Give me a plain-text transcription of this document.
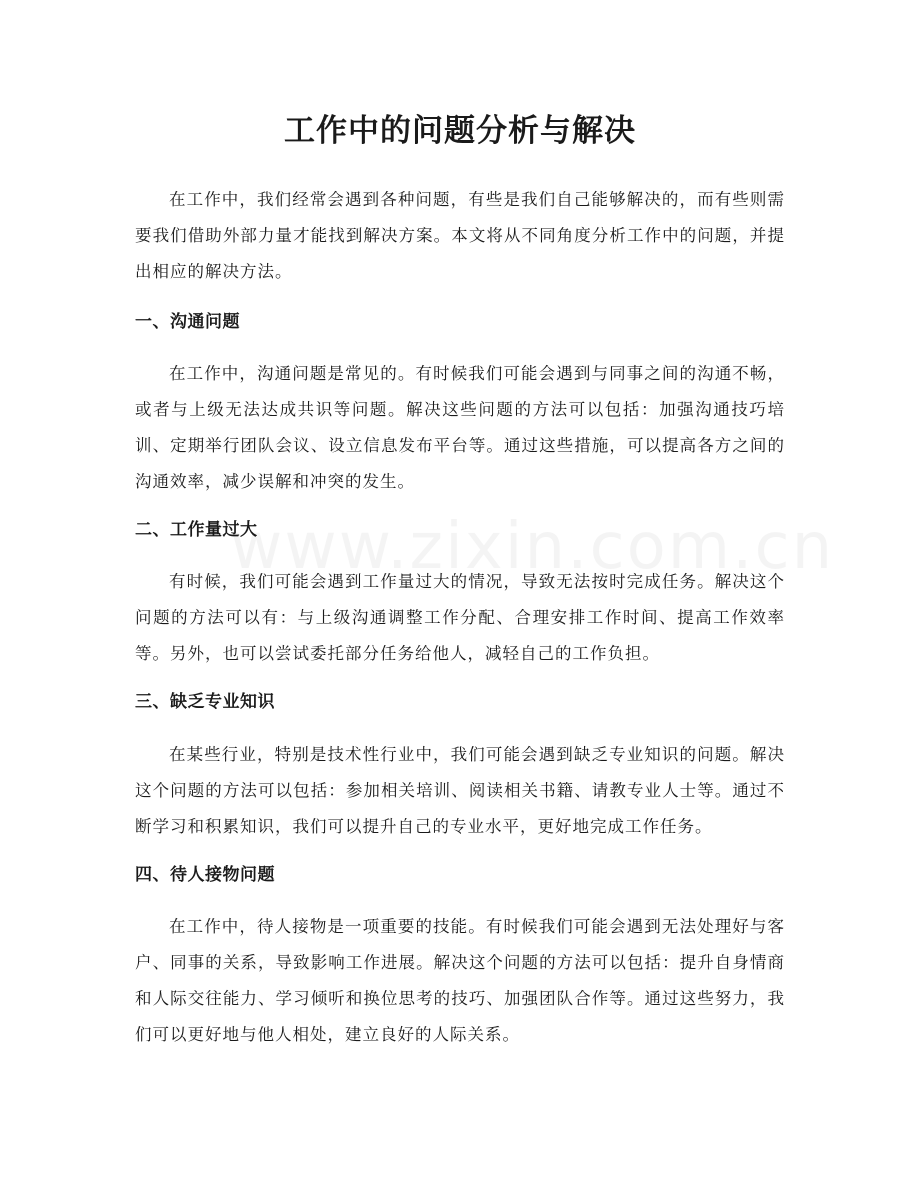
工作中的问题分析与解决

在工作中，我们经常会遇到各种问题，有些是我们自己能够解决的，而有些则需要我们借助外部力量才能找到解决方案。本文将从不同角度分析工作中的问题，并提出相应的解决方法。

一、沟通问题

在工作中，沟通问题是常见的。有时候我们可能会遇到与同事之间的沟通不畅，或者与上级无法达成共识等问题。解决这些问题的方法可以包括：加强沟通技巧培训、定期举行团队会议、设立信息发布平台等。通过这些措施，可以提高各方之间的沟通效率，减少误解和冲突的发生。

二、工作量过大

有时候，我们可能会遇到工作量过大的情况，导致无法按时完成任务。解决这个问题的方法可以有：与上级沟通调整工作分配、合理安排工作时间、提高工作效率等。另外，也可以尝试委托部分任务给他人，减轻自己的工作负担。

三、缺乏专业知识

在某些行业，特别是技术性行业中，我们可能会遇到缺乏专业知识的问题。解决这个问题的方法可以包括：参加相关培训、阅读相关书籍、请教专业人士等。通过不断学习和积累知识，我们可以提升自己的专业水平，更好地完成工作任务。

四、待人接物问题

在工作中，待人接物是一项重要的技能。有时候我们可能会遇到无法处理好与客户、同事的关系，导致影响工作进展。解决这个问题的方法可以包括：提升自身情商和人际交往能力、学习倾听和换位思考的技巧、加强团队合作等。通过这些努力，我们可以更好地与他人相处，建立良好的人际关系。
